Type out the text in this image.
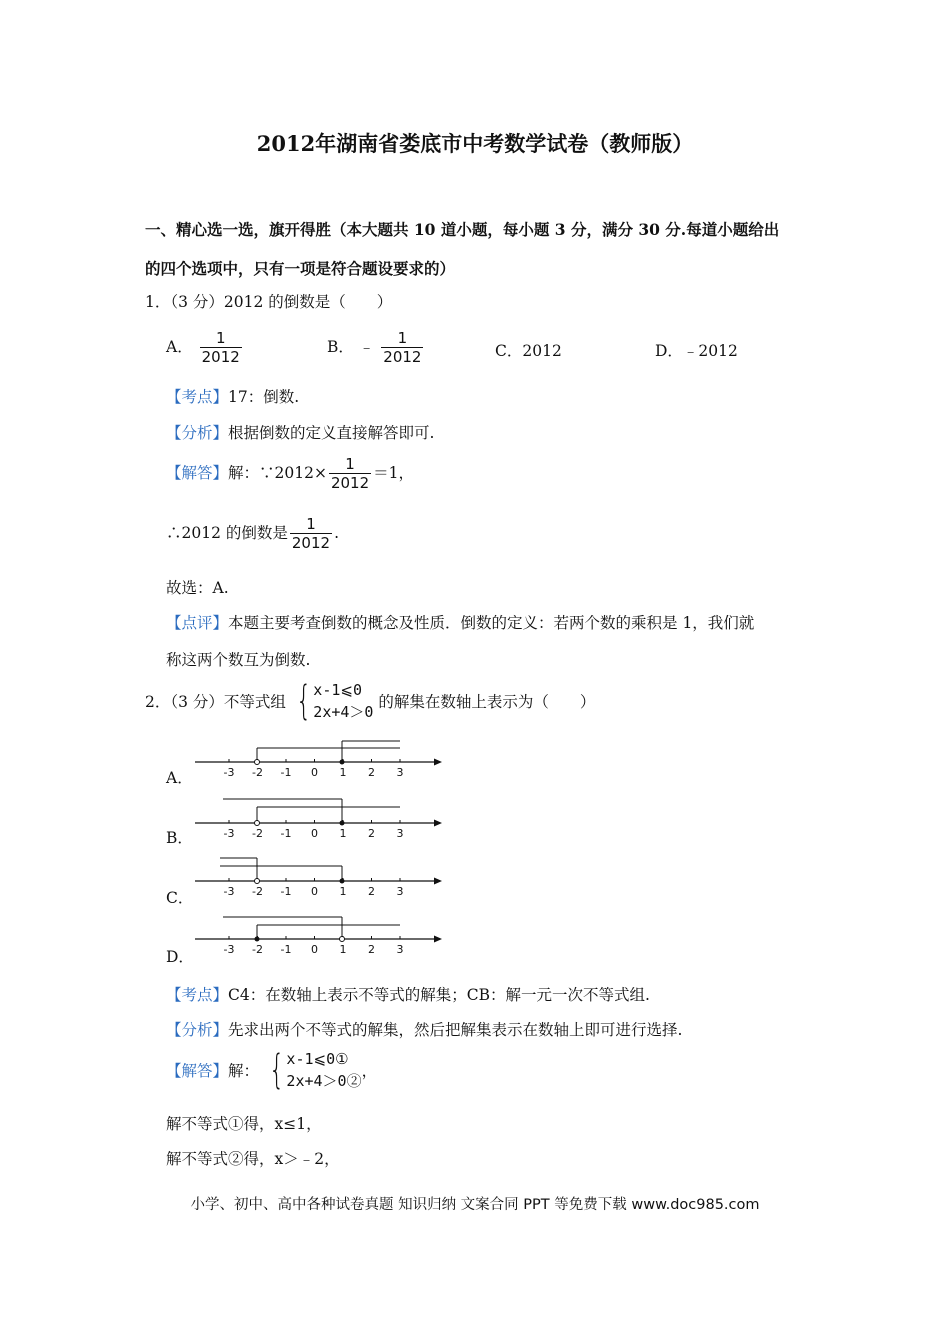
2012年湖南省娄底市中考数学试卷（教师版）
一、精心选一选，旗开得胜（本大题共 10 道小题，每小题 3 分，满分 30 分.每道小题给出
的四个选项中，只有一项是符合题设要求的）
1．（3 分）2012 的倒数是（　　）
A． $\frac{1}{2012}$	B． ﹣ $\frac{1}{2012}$	C．2012	D．﹣2012
【考点】17：倒数.
【分析】根据倒数的定义直接解答即可.
【解答】解：∵2012× $\frac{1}{2012} =1$，
∴2012 的倒数是 $\frac{1}{2012}$ .
故选：A.
【点评】本题主要考查倒数的概念及性质．倒数的定义：若两个数的乘积是 1，我们就
称这两个数互为倒数.
2．（3 分）不等式组 { x-1⩽0
2x+4＞0
的解集在数轴上表示为（　　）
-3 -2 -1 0 1 2 3
A．
-3 -2 -1 0 1 2 3
B．
-3 -2 -1 0 1 2 3
C．
-3 -2 -1 0 1 2 3
D．
【考点】C4：在数轴上表示不等式的解集；CB：解一元一次不等式组.
【分析】先求出两个不等式的解集，然后把解集表示在数轴上即可进行选择.
【解答】解： { x-1⩽0①
2x+4＞0②
，
解不等式①得，x≤1，
解不等式②得，x＞﹣2，
小学、初中、高中各种试卷真题 知识归纳 文案合同 PPT 等免费下载 www.doc985.com
